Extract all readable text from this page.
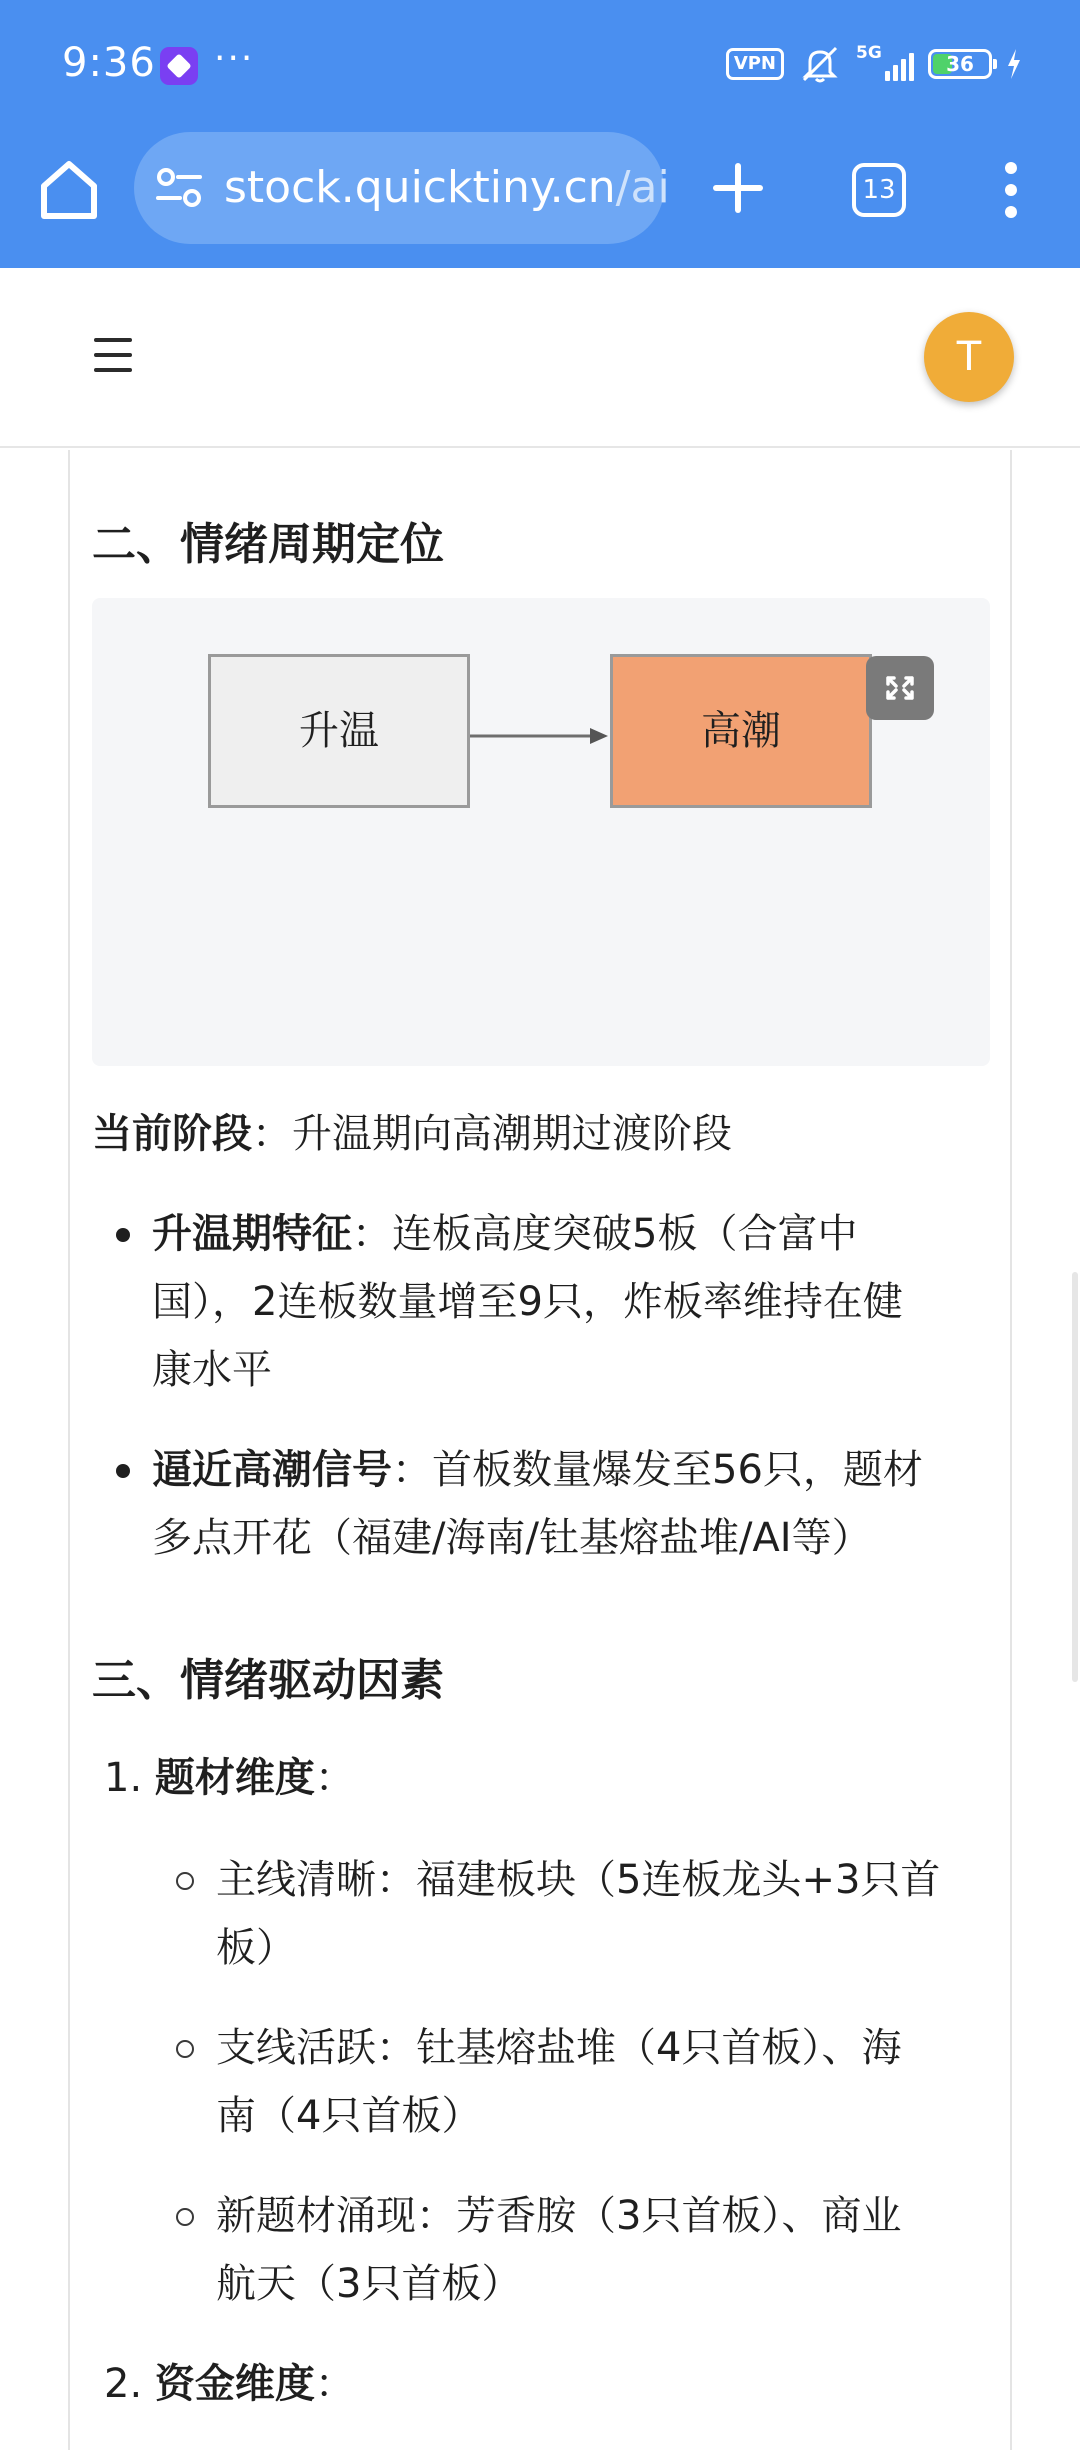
9:36 ···	VPN	5G	36
stock.quicktiny.cn/ai	13
T
二、情绪周期定位
升温	高潮
当前阶段：升温期向高潮期过渡阶段
升温期特征：连板高度突破5板（合富中
国），2连板数量增至9只，炸板率维持在健
康水平
逼近高潮信号：首板数量爆发至56只，题材
多点开花（福建/海南/钍基熔盐堆/AI等）
三、情绪驱动因素
1. 题材维度：
主线清晰：福建板块（5连板龙头+3只首
板）
支线活跃：钍基熔盐堆（4只首板）、海
南（4只首板）
新题材涌现：芳香胺（3只首板）、商业
航天（3只首板）
2. 资金维度：
